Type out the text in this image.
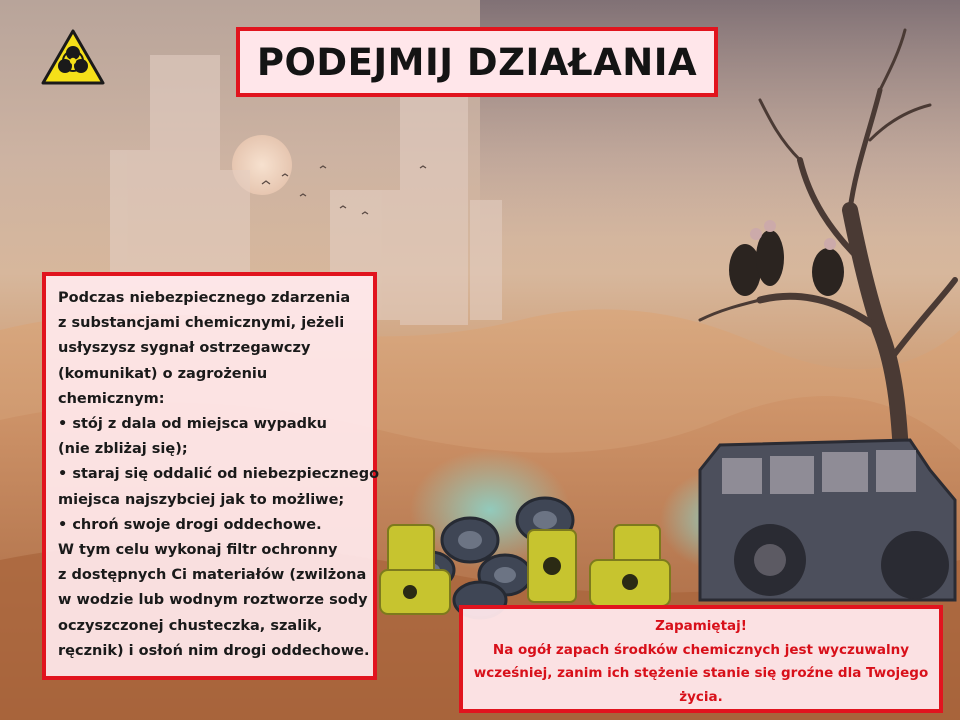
PODEJMIJ DZIAŁANIA
Podczas niebezpiecznego zdarzenia
z substancjami chemicznymi, jeżeli
usłyszysz sygnał ostrzegawczy
(komunikat) o zagrożeniu
chemicznym:
• stój z dala od miejsca wypadku
(nie zbliżaj się);
• staraj się oddalić od niebezpiecznego
miejsca najszybciej jak to możliwe;
• chroń swoje drogi oddechowe.
W tym celu wykonaj filtr ochronny
z dostępnych Ci materiałów (zwilżona
w wodzie lub wodnym roztworze sody
oczyszczonej chusteczka, szalik,
ręcznik) i osłoń nim drogi oddechowe.
Zapamiętaj!
Na ogół zapach środków chemicznych jest wyczuwalny
wcześniej, zanim ich stężenie stanie się groźne dla Twojego
życia.
